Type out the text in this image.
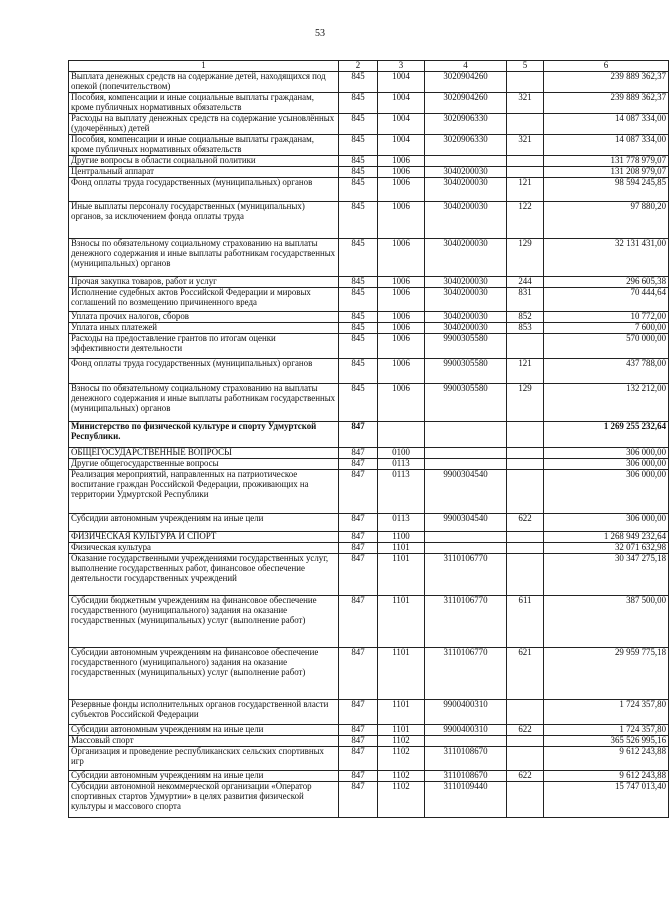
53
1	2	3	4	5	6
Выплата денежных средств на содержание детей, находящихся под опекой (попечительством)	845	1004	3020904260		239 889 362,37
Пособия, компенсации и иные социальные выплаты гражданам, кроме публичных нормативных обязательств	845	1004	3020904260	321	239 889 362,37
Расходы на выплату денежных средств на содержание усыновлённых (удочерённых) детей	845	1004	3020906330		14 087 334,00
Пособия, компенсации и иные социальные выплаты гражданам, кроме публичных нормативных обязательств	845	1004	3020906330	321	14 087 334,00
Другие вопросы в области социальной политики	845	1006			131 778 979,07
Центральный аппарат	845	1006	3040200030		131 208 979,07
Фонд оплаты труда государственных (муниципальных) органов	845	1006	3040200030	121	98 594 245,85
Иные выплаты персоналу государственных (муниципальных) органов, за исключением фонда оплаты труда	845	1006	3040200030	122	97 880,20
Взносы по обязательному социальному страхованию на выплаты денежного содержания и иные выплаты работникам государственных (муниципальных) органов	845	1006	3040200030	129	32 131 431,00
Прочая закупка товаров, работ и услуг	845	1006	3040200030	244	296 605,38
Исполнение судебных актов Российской Федерации и мировых соглашений по возмещению причиненного вреда	845	1006	3040200030	831	70 444,64
Уплата прочих налогов, сборов	845	1006	3040200030	852	10 772,00
Уплата иных платежей	845	1006	3040200030	853	7 600,00
Расходы на предоставление грантов по итогам оценки эффективности деятельности	845	1006	9900305580		570 000,00
Фонд оплаты труда государственных (муниципальных) органов	845	1006	9900305580	121	437 788,00
Взносы по обязательному социальному страхованию на выплаты денежного содержания и иные выплаты работникам государственных (муниципальных) органов	845	1006	9900305580	129	132 212,00
Министерство по физической культуре и спорту Удмуртской Республики.	847				1 269 255 232,64
ОБЩЕГОСУДАРСТВЕННЫЕ ВОПРОСЫ	847	0100			306 000,00
Другие общегосударственные вопросы	847	0113			306 000,00
Реализация мероприятий, направленных на патриотическое воспитание граждан Российской Федерации, проживающих на территории Удмуртской Республики	847	0113	9900304540		306 000,00
Субсидии автономным учреждениям на иные цели	847	0113	9900304540	622	306 000,00
ФИЗИЧЕСКАЯ КУЛЬТУРА И СПОРТ	847	1100			1 268 949 232,64
Физическая культура	847	1101			32 071 632,98
Оказание государственными учреждениями государственных услуг, выполнение государственных работ, финансовое обеспечение деятельности государственных учреждений	847	1101	3110106770		30 347 275,18
Субсидии бюджетным учреждениям на финансовое обеспечение государственного (муниципального) задания на оказание государственных (муниципальных) услуг (выполнение работ)	847	1101	3110106770	611	387 500,00
Субсидии автономным учреждениям на финансовое обеспечение государственного (муниципального) задания на оказание государственных (муниципальных) услуг (выполнение работ)	847	1101	3110106770	621	29 959 775,18
Резервные фонды исполнительных органов государственной власти субъектов Российской Федерации	847	1101	9900400310		1 724 357,80
Субсидии автономным учреждениям на иные цели	847	1101	9900400310	622	1 724 357,80
Массовый спорт	847	1102			365 526 995,16
Организация и проведение республиканских сельских спортивных игр	847	1102	3110108670		9 612 243,88
Субсидии автономным учреждениям на иные цели	847	1102	3110108670	622	9 612 243,88
Субсидии автономной некоммерческой организации «Оператор спортивных стартов Удмуртии» в целях развития физической культуры и массового спорта	847	1102	3110109440		15 747 013,40
